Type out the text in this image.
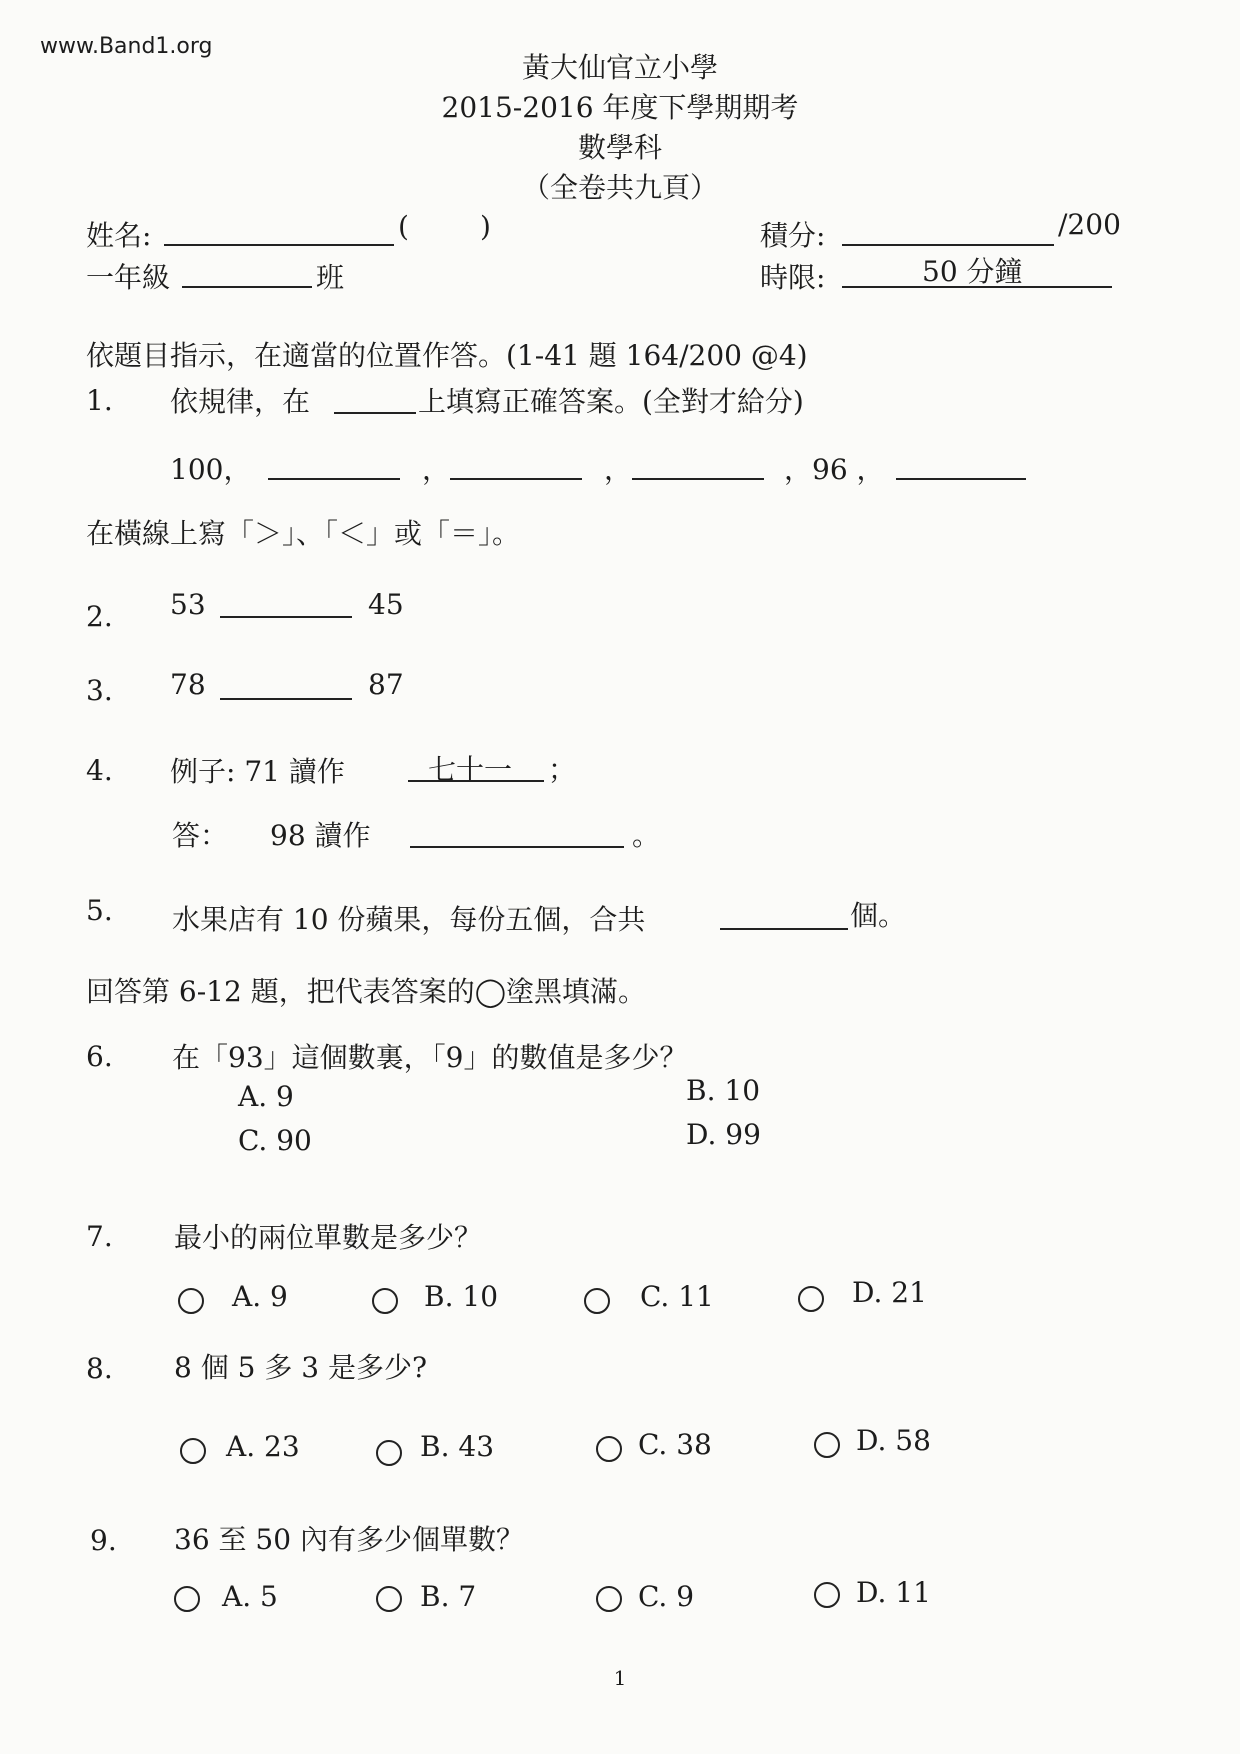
www.Band1.org
黃大仙官立小學
2015-2016 年度下學期期考
數學科
（全卷共九頁）
姓名:	(	)	積分:	/200
一年級	班	時限:	50 分鐘
依題目指示，在適當的位置作答。(1-41 題 164/200 @4)
1. 依規律，在	上填寫正確答案。(全對才給分)
100，	，	，	，96 ，
在橫線上寫「＞」、「＜」或「＝」。
2. 53	45
3. 78	87
4. 例子: 71 讀作	七十一 ；
答： 98 讀作	。
5. 水果店有 10 份蘋果，每份五個，合共	個。
回答第 6-12 題，把代表答案的◯塗黑填滿。
6. 在「93」這個數裏，「9」的數值是多少？
A. 9	B. 10
C. 90	D. 99
7. 最小的兩位單數是多少？
A. 9	B. 10	C. 11	D. 21
8. 8 個 5 多 3 是多少?
A. 23	B. 43	C. 38	D. 58
9. 36 至 50 內有多少個單數？
A. 5	B. 7	C. 9	D. 11
1
